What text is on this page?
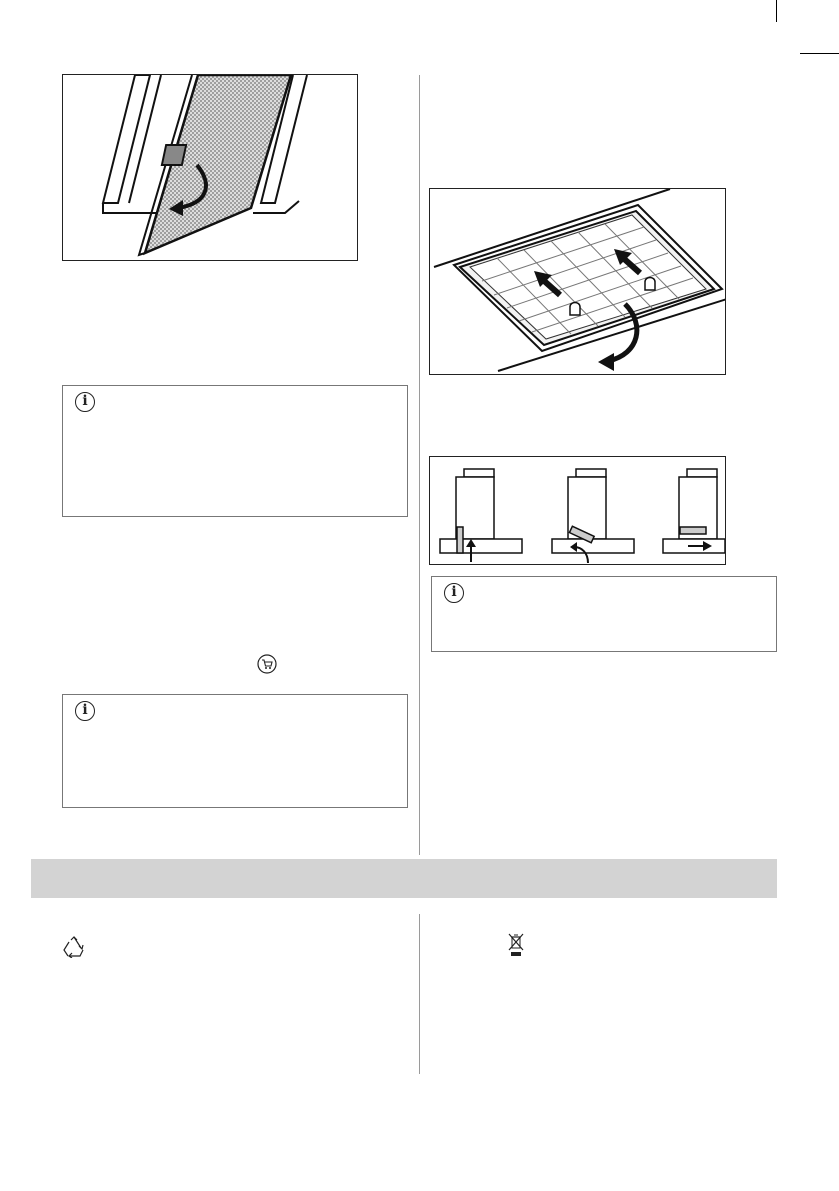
i
i
i
